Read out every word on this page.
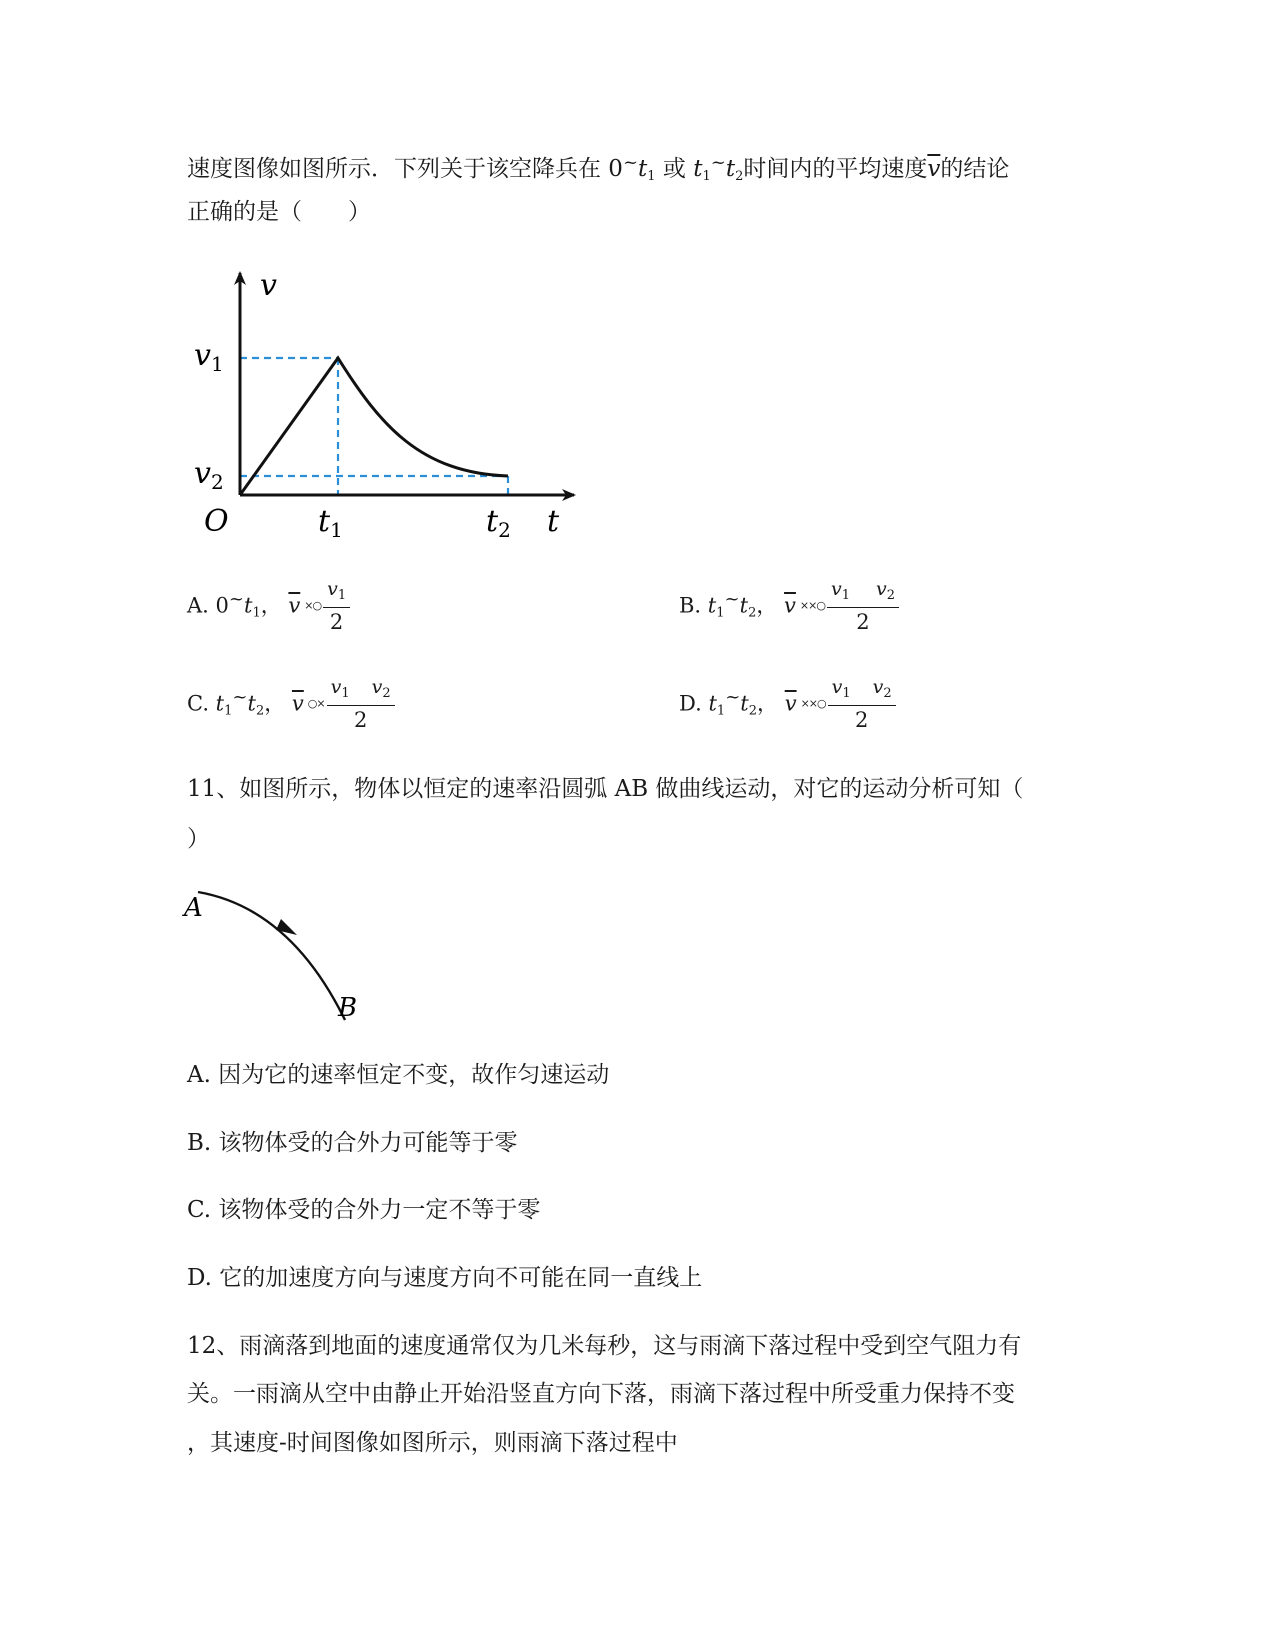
速度图像如图所示．下列关于该空降兵在 $0^\sim t_1$ 或 $t_1^\sim t_2$时间内的平均速度$\overline{v}$的结论
正确的是（　　）
v
t
O
$v_1$
$v_2$
$t_1$	$t_2$
A. $0\sim t_1$， $\overline{v}$ ×○ $\frac{v_1}{2}$	B. $t_1\sim t_2$， $\overline{v}$ ××○ $\frac{v_1 v_2}{2}$
C. $t_1\sim t_2$， $\overline{v}$ ○× $\frac{v_1 v_2}{2}$	D. $t_1\sim t_2$， $\overline{v}$ ××○ $\frac{v_1 v_2}{2}$
11、如图所示，物体以恒定的速率沿圆弧 AB 做曲线运动，对它的运动分析可知（
）
A
B
A. 因为它的速率恒定不变，故作匀速运动
B. 该物体受的合外力可能等于零
C. 该物体受的合外力一定不等于零
D. 它的加速度方向与速度方向不可能在同一直线上
12、雨滴落到地面的速度通常仅为几米每秒，这与雨滴下落过程中受到空气阻力有
关。一雨滴从空中由静止开始沿竖直方向下落，雨滴下落过程中所受重力保持不变
，其速度-时间图像如图所示，则雨滴下落过程中
